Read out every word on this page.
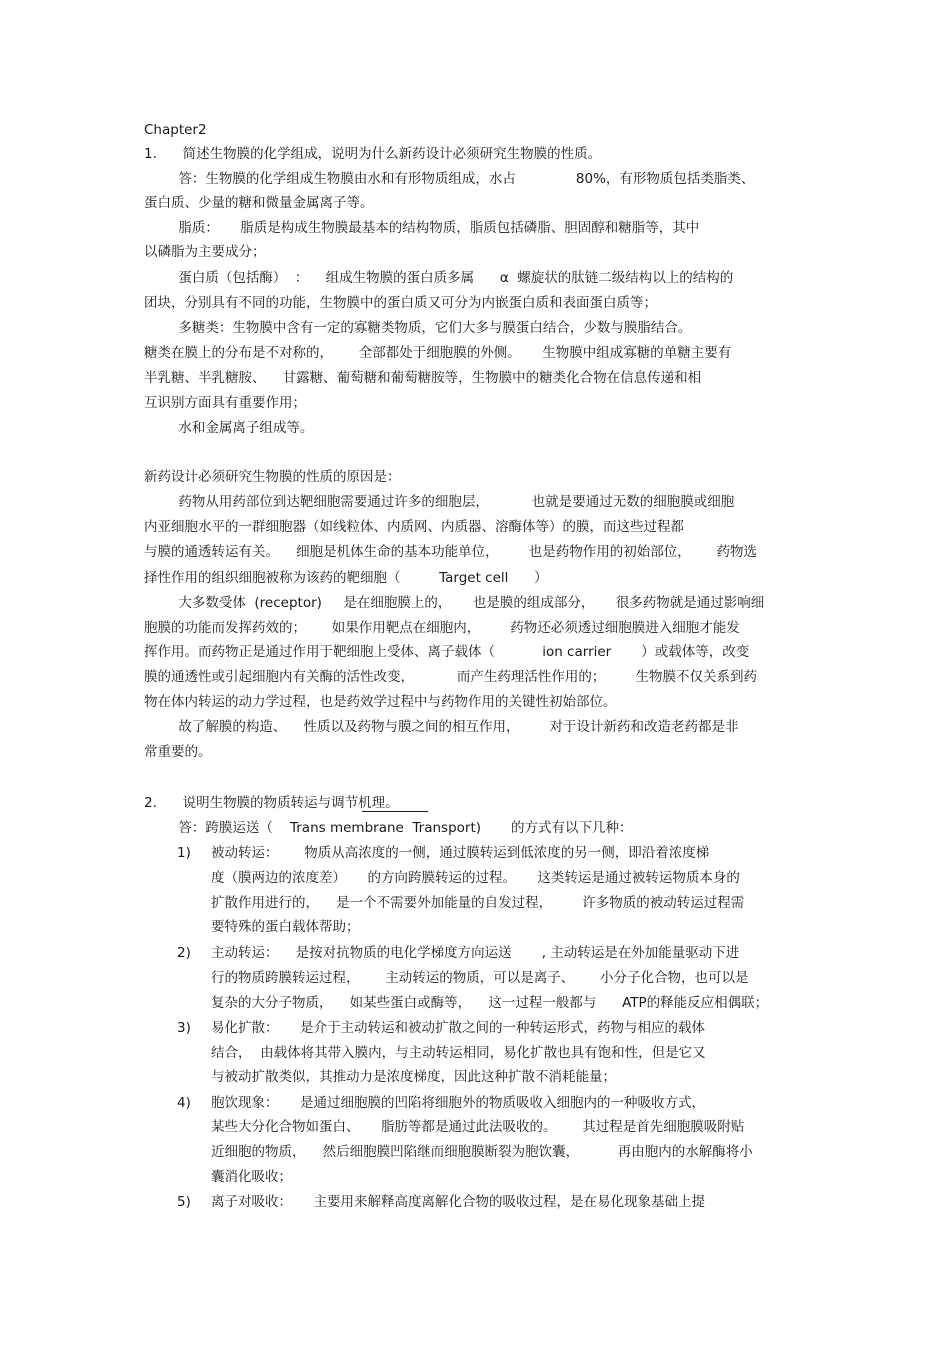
Chapter2

1.      简述生物膜的化学组成，说明为什么新药设计必须研究生物膜的性质。

答：生物膜的化学组成生物膜由水和有形物质组成，水占              80%，有形物质包括类脂类、

蛋白质、少量的糖和微量金属离子等。

脂质：     脂质是构成生物膜最基本的结构物质，脂质包括磷脂、胆固醇和糖脂等，其中

以磷脂为主要成分；

蛋白质（包括酶）  ：    组成生物膜的蛋白质多属      α  螺旋状的肽链二级结构以上的结构的

团块，分别具有不同的功能，生物膜中的蛋白质又可分为内嵌蛋白质和表面蛋白质等；

多糖类：生物膜中含有一定的寡糖类物质，它们大多与膜蛋白结合，少数与膜脂结合。

糖类在膜上的分布是不对称的，      全部都处于细胞膜的外侧。     生物膜中组成寡糖的单糖主要有

半乳糖、半乳糖胺、    甘露糖、葡萄糖和葡萄糖胺等，生物膜中的糖类化合物在信息传递和相

互识别方面具有重要作用；

水和金属离子组成等。

新药设计必须研究生物膜的性质的原因是：

药物从用药部位到达靶细胞需要通过许多的细胞层，          也就是要通过无数的细胞膜或细胞

内亚细胞水平的一群细胞器（如线粒体、内质网、内质器、溶酶体等）的膜，而这些过程都

与膜的通透转运有关。    细胞是机体生命的基本功能单位，       也是药物作用的初始部位，      药物选

择性作用的组织细胞被称为该药的靶细胞（         Target cell      ）

大多数受体  (receptor)     是在细胞膜上的，     也是膜的组成部分，     很多药物就是通过影响细

胞膜的功能而发挥药效的；      如果作用靶点在细胞内，       药物还必须透过细胞膜进入细胞才能发

挥作用。而药物正是通过作用于靶细胞上受体、离子载体（           ion carrier       ）或载体等，改变

膜的通透性或引起细胞内有关酶的活性改变，          而产生药理活性作用的；       生物膜不仅关系到药

物在体内转运的动力学过程，也是药效学过程中与药物作用的关键性初始部位。

故了解膜的构造、    性质以及药物与膜之间的相互作用，       对于设计新药和改造老药都是非

常重要的。

2.      说明生物膜的物质转运与调节机理。

答：跨膜运送（    Trans membrane  Transport)       的方式有以下几种：

1) 被动转运：      物质从高浓度的一侧，通过膜转运到低浓度的另一侧，即沿着浓度梯

度（膜两边的浓度差）     的方向跨膜转运的过程。     这类转运是通过被转运物质本身的

扩散作用进行的，    是一个不需要外加能量的自发过程，       许多物质的被动转运过程需

要特殊的蛋白载体帮助；

2) 主动转运：    是按对抗物质的电化学梯度方向运送       , 主动转运是在外加能量驱动下进

行的物质跨膜转运过程，      主动转运的物质，可以是离子、      小分子化合物，也可以是

复杂的大分子物质，    如某些蛋白或酶等，    这一过程一般都与      ATP的释能反应相偶联；

3) 易化扩散：     是介于主动转运和被动扩散之间的一种转运形式，药物与相应的载体

结合，  由载体将其带入膜内，与主动转运相同，易化扩散也具有饱和性，但是它又

与被动扩散类似，其推动力是浓度梯度，因此这种扩散不消耗能量；

4) 胞饮现象：     是通过细胞膜的凹陷将细胞外的物质吸收入细胞内的一种吸收方式，

某些大分化合物如蛋白、     脂肪等都是通过此法吸收的。      其过程是首先细胞膜吸附贴

近细胞的物质，    然后细胞膜凹陷继而细胞膜断裂为胞饮囊，         再由胞内的水解酶将小

囊消化吸收；

5) 离子对吸收：     主要用来解释高度离解化合物的吸收过程，是在易化现象基础上提
